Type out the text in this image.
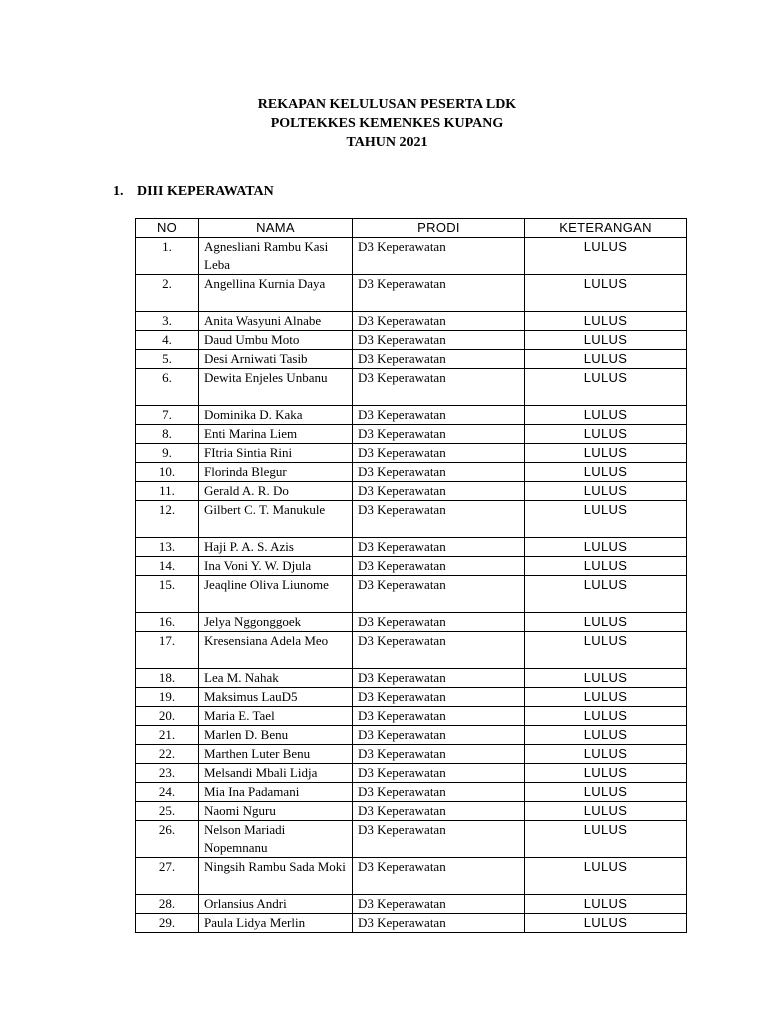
REKAPAN KELULUSAN PESERTA LDK
POLTEKKES KEMENKES KUPANG
TAHUN 2021
1. DIII KEPERAWATAN
NO	NAMA	PRODI	KETERANGAN
1.	Agnesliani Rambu Kasi Leba	D3 Keperawatan	LULUS
2.	Angellina Kurnia Daya	D3 Keperawatan	LULUS
3.	Anita Wasyuni Alnabe	D3 Keperawatan	LULUS
4.	Daud Umbu Moto	D3 Keperawatan	LULUS
5.	Desi Arniwati Tasib	D3 Keperawatan	LULUS
6.	Dewita Enjeles Unbanu	D3 Keperawatan	LULUS
7.	Dominika D. Kaka	D3 Keperawatan	LULUS
8.	Enti Marina Liem	D3 Keperawatan	LULUS
9.	FItria Sintia Rini	D3 Keperawatan	LULUS
10.	Florinda Blegur	D3 Keperawatan	LULUS
11.	Gerald A. R. Do	D3 Keperawatan	LULUS
12.	Gilbert C. T. Manukule	D3 Keperawatan	LULUS
13.	Haji P. A. S. Azis	D3 Keperawatan	LULUS
14.	Ina Voni Y. W. Djula	D3 Keperawatan	LULUS
15.	Jeaqline Oliva Liunome	D3 Keperawatan	LULUS
16.	Jelya Nggonggoek	D3 Keperawatan	LULUS
17.	Kresensiana Adela Meo	D3 Keperawatan	LULUS
18.	Lea M. Nahak	D3 Keperawatan	LULUS
19.	Maksimus LauD5	D3 Keperawatan	LULUS
20.	Maria E. Tael	D3 Keperawatan	LULUS
21.	Marlen D. Benu	D3 Keperawatan	LULUS
22.	Marthen Luter Benu	D3 Keperawatan	LULUS
23.	Melsandi Mbali Lidja	D3 Keperawatan	LULUS
24.	Mia Ina Padamani	D3 Keperawatan	LULUS
25.	Naomi Nguru	D3 Keperawatan	LULUS
26.	Nelson Mariadi Nopemnanu	D3 Keperawatan	LULUS
27.	Ningsih Rambu Sada Moki	D3 Keperawatan	LULUS
28.	Orlansius Andri	D3 Keperawatan	LULUS
29.	Paula Lidya Merlin	D3 Keperawatan	LULUS
